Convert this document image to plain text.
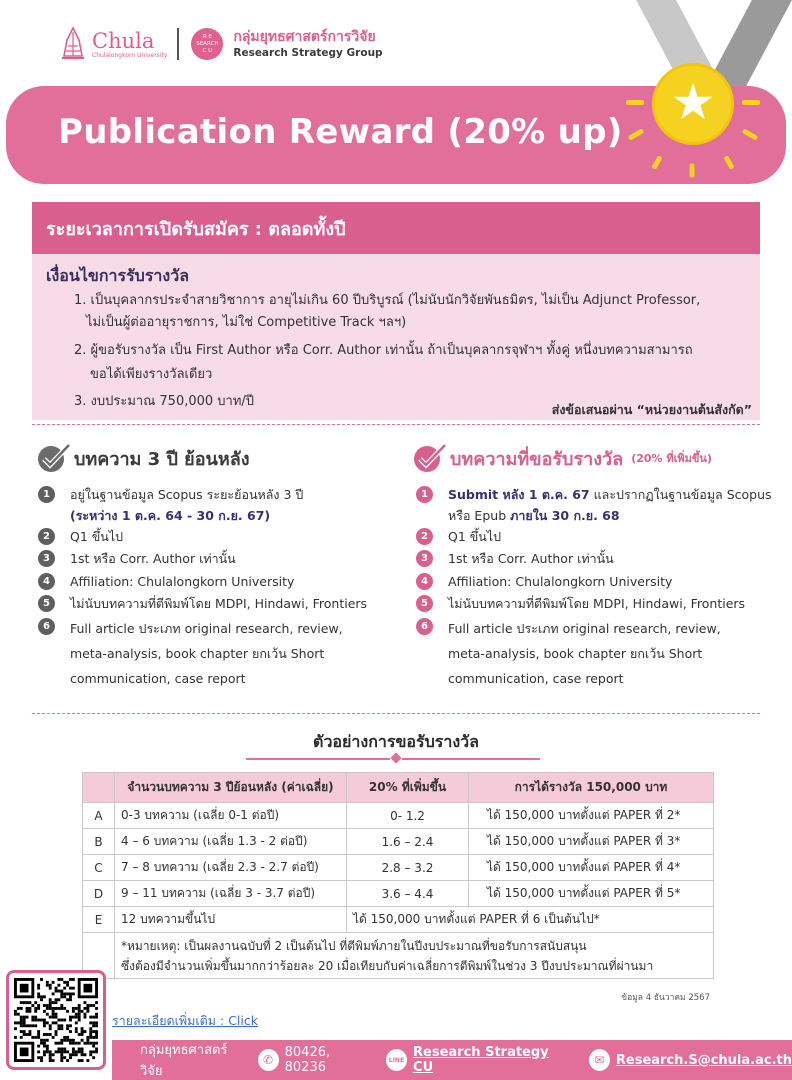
Chula
Chulalongkorn University
R E
SEARCH
C U
กลุ่มยุทธศาสตร์การวิจัย
Research Strategy Group
Publication Reward (20% up)
★
ระยะเวลาการเปิดรับสมัคร : ตลอดทั้งปี
เงื่อนไขการรับรางวัล
1. เป็นบุคลากรประจำสายวิชาการ อายุไม่เกิน 60 ปีบริบูรณ์ (ไม่นับนักวิจัยพันธมิตร, ไม่เป็น Adjunct Professor,
ไม่เป็นผู้ต่ออายุราชการ, ไม่ใช่ Competitive Track ฯลฯ)
2. ผู้ขอรับรางวัล เป็น First Author หรือ Corr. Author เท่านั้น ถ้าเป็นบุคลากรจุฬาฯ ทั้งคู่ หนึ่งบทความสามารถ
ขอได้เพียงรางวัลเดียว
3. งบประมาณ 750,000 บาท/ปี
ส่งข้อเสนอผ่าน “หน่วยงานต้นสังกัด”
บทความ 3 ปี ย้อนหลัง
1	อยู่ในฐานข้อมูล Scopus ระยะย้อนหลัง 3 ปี
(ระหว่าง 1 ต.ค. 64 - 30 ก.ย. 67)
2	Q1 ขึ้นไป
3	1st หรือ Corr. Author เท่านั้น
4	Affiliation: Chulalongkorn University
5	ไม่นับบทความที่ตีพิมพ์โดย MDPI, Hindawi, Frontiers
6	Full article ประเภท original research, review, meta-analysis, book chapter ยกเว้น Short communication, case report
บทความที่ขอรับรางวัล (20% ที่เพิ่มขึ้น)
1	Submit หลัง 1 ต.ค. 67 และปรากฏในฐานข้อมูล Scopus
หรือ Epub ภายใน 30 ก.ย. 68
2	Q1 ขึ้นไป
3	1st หรือ Corr. Author เท่านั้น
4	Affiliation: Chulalongkorn University
5	ไม่นับบทความที่ตีพิมพ์โดย MDPI, Hindawi, Frontiers
6	Full article ประเภท original research, review, meta-analysis, book chapter ยกเว้น Short communication, case report
ตัวอย่างการขอรับรางวัล
	จำนวนบทความ 3 ปีย้อนหลัง (ค่าเฉลี่ย)	20% ที่เพิ่มขึ้น	การได้รางวัล 150,000 บาท
A	0-3 บทความ (เฉลี่ย 0-1 ต่อปี)	0- 1.2	ได้ 150,000 บาทตั้งแต่ PAPER ที่ 2*
B	4 – 6 บทความ (เฉลี่ย 1.3 - 2 ต่อปี)	1.6 – 2.4	ได้ 150,000 บาทตั้งแต่ PAPER ที่ 3*
C	7 – 8 บทความ (เฉลี่ย 2.3 - 2.7 ต่อปี)	2.8 – 3.2	ได้ 150,000 บาทตั้งแต่ PAPER ที่ 4*
D	9 – 11 บทความ (เฉลี่ย 3 - 3.7 ต่อปี)	3.6 – 4.4	ได้ 150,000 บาทตั้งแต่ PAPER ที่ 5*
E	12 บทความขึ้นไป	ได้ 150,000 บาทตั้งแต่ PAPER ที่ 6 เป็นต้นไป*	
	*หมายเหตุ: เป็นผลงานฉบับที่ 2 เป็นต้นไป ที่ตีพิมพ์ภายในปีงบประมาณที่ขอรับการสนับสนุน
ซึ่งต้องมีจำนวนเพิ่มขึ้นมากกว่าร้อยละ 20 เมื่อเทียบกับค่าเฉลี่ยการตีพิมพ์ในช่วง 3 ปีงบประมาณที่ผ่านมา		
ข้อมูล 4 ธันวาคม 2567
รายละเอียดเพิ่มเติม : Click
กลุ่มยุทธศาสตร์วิจัย
✆ 80426, 80236	LINE Research Strategy CU	✉ Research.S@chula.ac.th
